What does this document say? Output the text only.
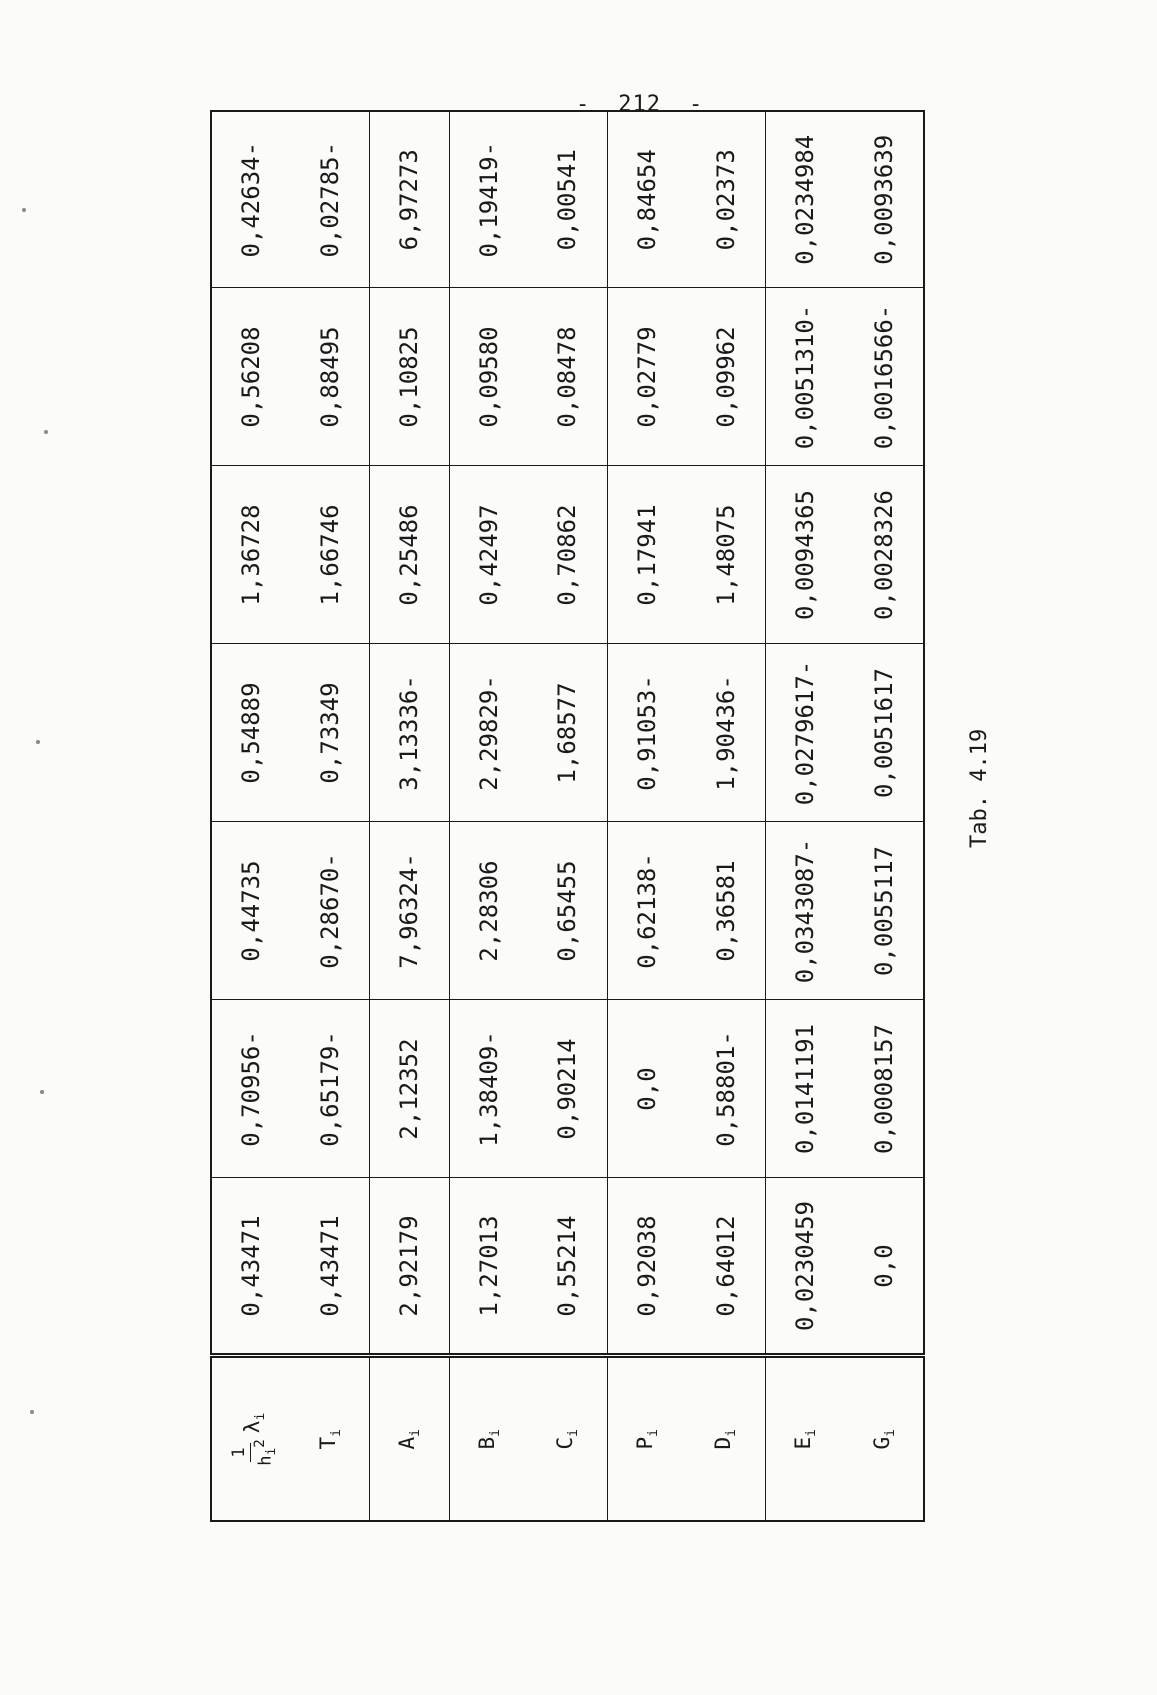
- 212 -
1
$h_i^2$
$\lambda_i$	0,43471	0,70956-	0,44735	0,54889	1,36728	0,56208	0,42634-
$T_i$	0,43471	0,65179-	0,28670-	0,73349	1,66746	0,88495	0,02785-
$A_i$	2,92179	2,12352	7,96324-	3,13336-	0,25486	0,10825	6,97273
$B_i$	1,27013	1,38409-	2,28306	2,29829-	0,42497	0,09580	0,19419-
$C_i$	0,55214	0,90214	0,65455	1,68577	0,70862	0,08478	0,00541
$P_i$	0,92038	0,0	0,62138-	0,91053-	0,17941	0,02779	0,84654
$D_i$	0,64012	0,58801-	0,36581	1,90436-	1,48075	0,09962	0,02373
$E_i$	0,0230459	0,0141191	0,0343087-	0,0279617-	0,0094365	0,0051310-	0,0234984
$G_i$	0,0	0,0008157	0,0055117	0,0051617	0,0028326	0,0016566-	0,0093639
Tab. 4.19
